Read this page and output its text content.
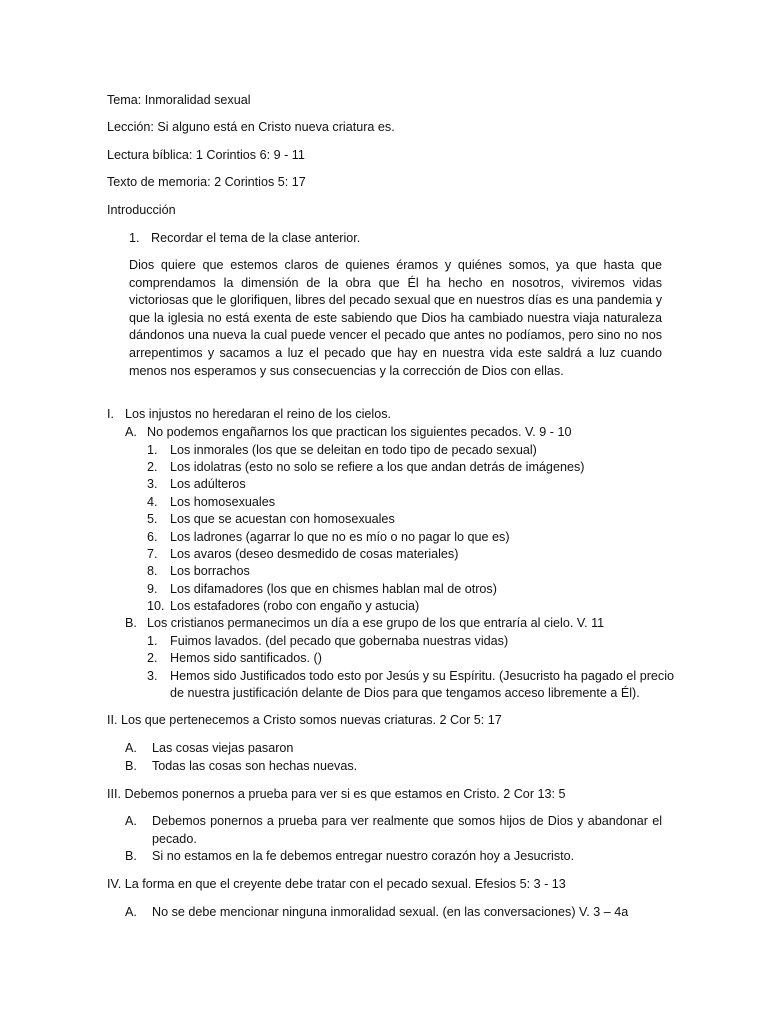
Tema: Inmoralidad sexual
Lección: Si alguno está en Cristo nueva criatura es.
Lectura bíblica: 1 Corintios 6: 9 - 11
Texto de memoria: 2 Corintios 5: 17
Introducción
1. Recordar el tema de la clase anterior.
Dios quiere que estemos claros de quienes éramos y quiénes somos, ya que hasta que comprendamos la dimensión de la obra que Él ha hecho en nosotros, viviremos vidas victoriosas que le glorifiquen, libres del pecado sexual que en nuestros días es una pandemia y que la iglesia no está exenta de este sabiendo que Dios ha cambiado nuestra viaja naturaleza dándonos una nueva la cual puede vencer el pecado que antes no podíamos, pero sino no nos arrepentimos y sacamos a luz el pecado que hay en nuestra vida este saldrá a luz cuando menos nos esperamos y sus consecuencias y la corrección de Dios con ellas.
I. Los injustos no heredaran el reino de los cielos.
A. No podemos engañarnos los que practican los siguientes pecados. V. 9 - 10
1. Los inmorales (los que se deleitan en todo tipo de pecado sexual)
2. Los idolatras (esto no solo se refiere a los que andan detrás de imágenes)
3. Los adúlteros
4. Los homosexuales
5. Los que se acuestan con homosexuales
6. Los ladrones (agarrar lo que no es mío o no pagar lo que es)
7. Los avaros (deseo desmedido de cosas materiales)
8. Los borrachos
9. Los difamadores (los que en chismes hablan mal de otros)
10. Los estafadores (robo con engaño y astucia)
B. Los cristianos permanecimos un día a ese grupo de los que entraría al cielo. V. 11
1. Fuimos lavados. (del pecado que gobernaba nuestras vidas)
2. Hemos sido santificados. ()
3. Hemos sido Justificados todo esto por Jesús y su Espíritu. (Jesucristo ha pagado el precio
de nuestra justificación delante de Dios para que tengamos acceso libremente a Él).
II. Los que pertenecemos a Cristo somos nuevas criaturas. 2 Cor 5: 17
A. Las cosas viejas pasaron
B. Todas las cosas son hechas nuevas.
III. Debemos ponernos a prueba para ver si es que estamos en Cristo. 2 Cor 13: 5
A.	Debemos ponernos a prueba para ver realmente que somos hijos de Dios y abandonar el pecado.
B. Si no estamos en la fe debemos entregar nuestro corazón hoy a Jesucristo.
IV. La forma en que el creyente debe tratar con el pecado sexual. Efesios 5: 3 - 13
A. No se debe mencionar ninguna inmoralidad sexual. (en las conversaciones) V. 3 – 4a
